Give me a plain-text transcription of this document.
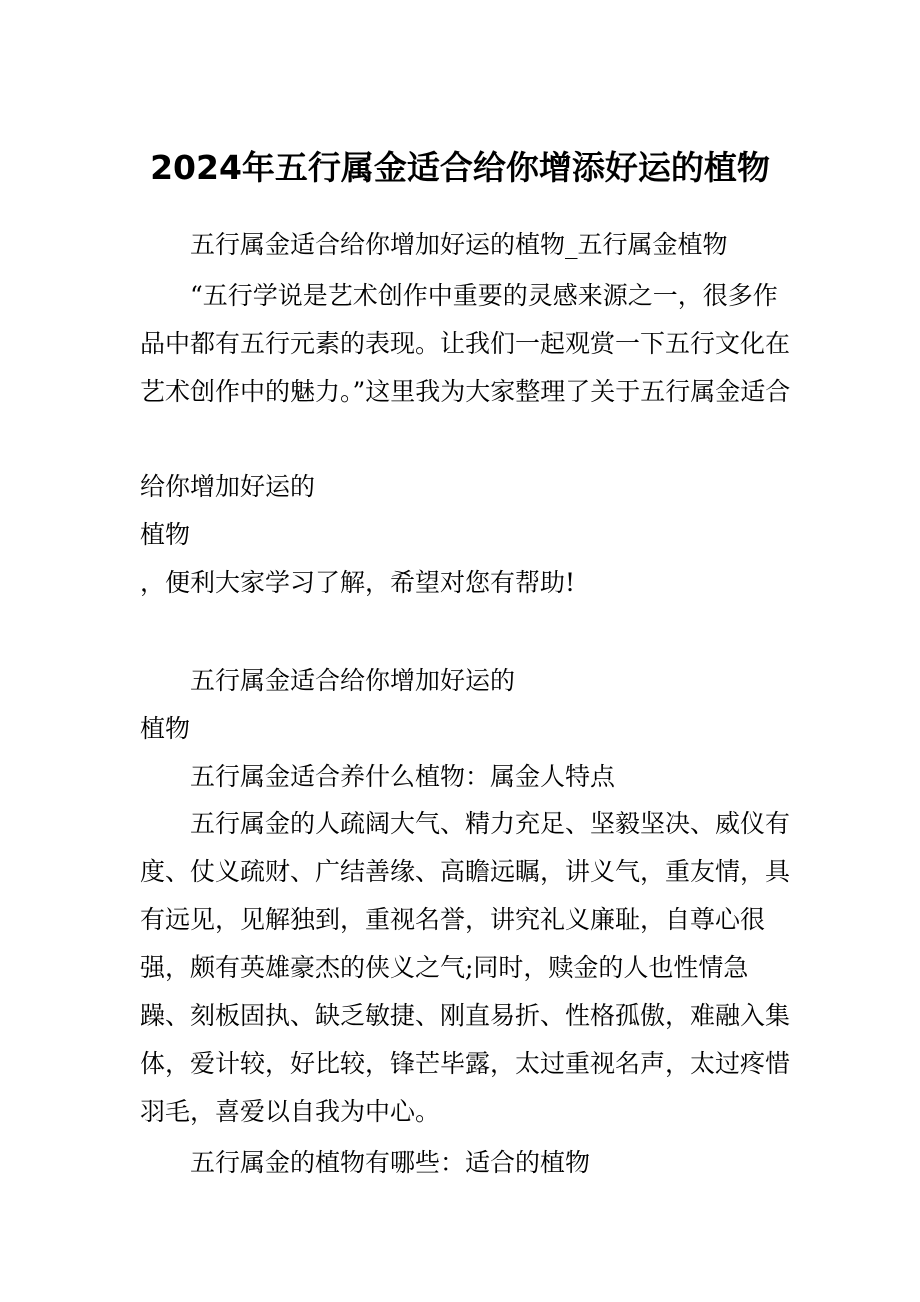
2024年五行属金适合给你增添好运的植物

五行属金适合给你增加好运的植物_五行属金植物

“五行学说是艺术创作中重要的灵感来源之一，很多作品中都有五行元素的表现。让我们一起观赏一下五行文化在艺术创作中的魅力。”这里我为大家整理了关于五行属金适合

给你增加好运的

植物

，便利大家学习了解，希望对您有帮助!

五行属金适合给你增加好运的

植物

五行属金适合养什么植物：属金人特点

五行属金的人疏阔大气、精力充足、坚毅坚决、威仪有度、仗义疏财、广结善缘、高瞻远瞩，讲义气，重友情，具有远见，见解独到，重视名誉，讲究礼义廉耻，自尊心很强，颇有英雄豪杰的侠义之气;同时，赎金的人也性情急躁、刻板固执、缺乏敏捷、刚直易折、性格孤傲，难融入集体，爱计较，好比较，锋芒毕露，太过重视名声，太过疼惜羽毛，喜爱以自我为中心。

五行属金的植物有哪些：适合的植物
